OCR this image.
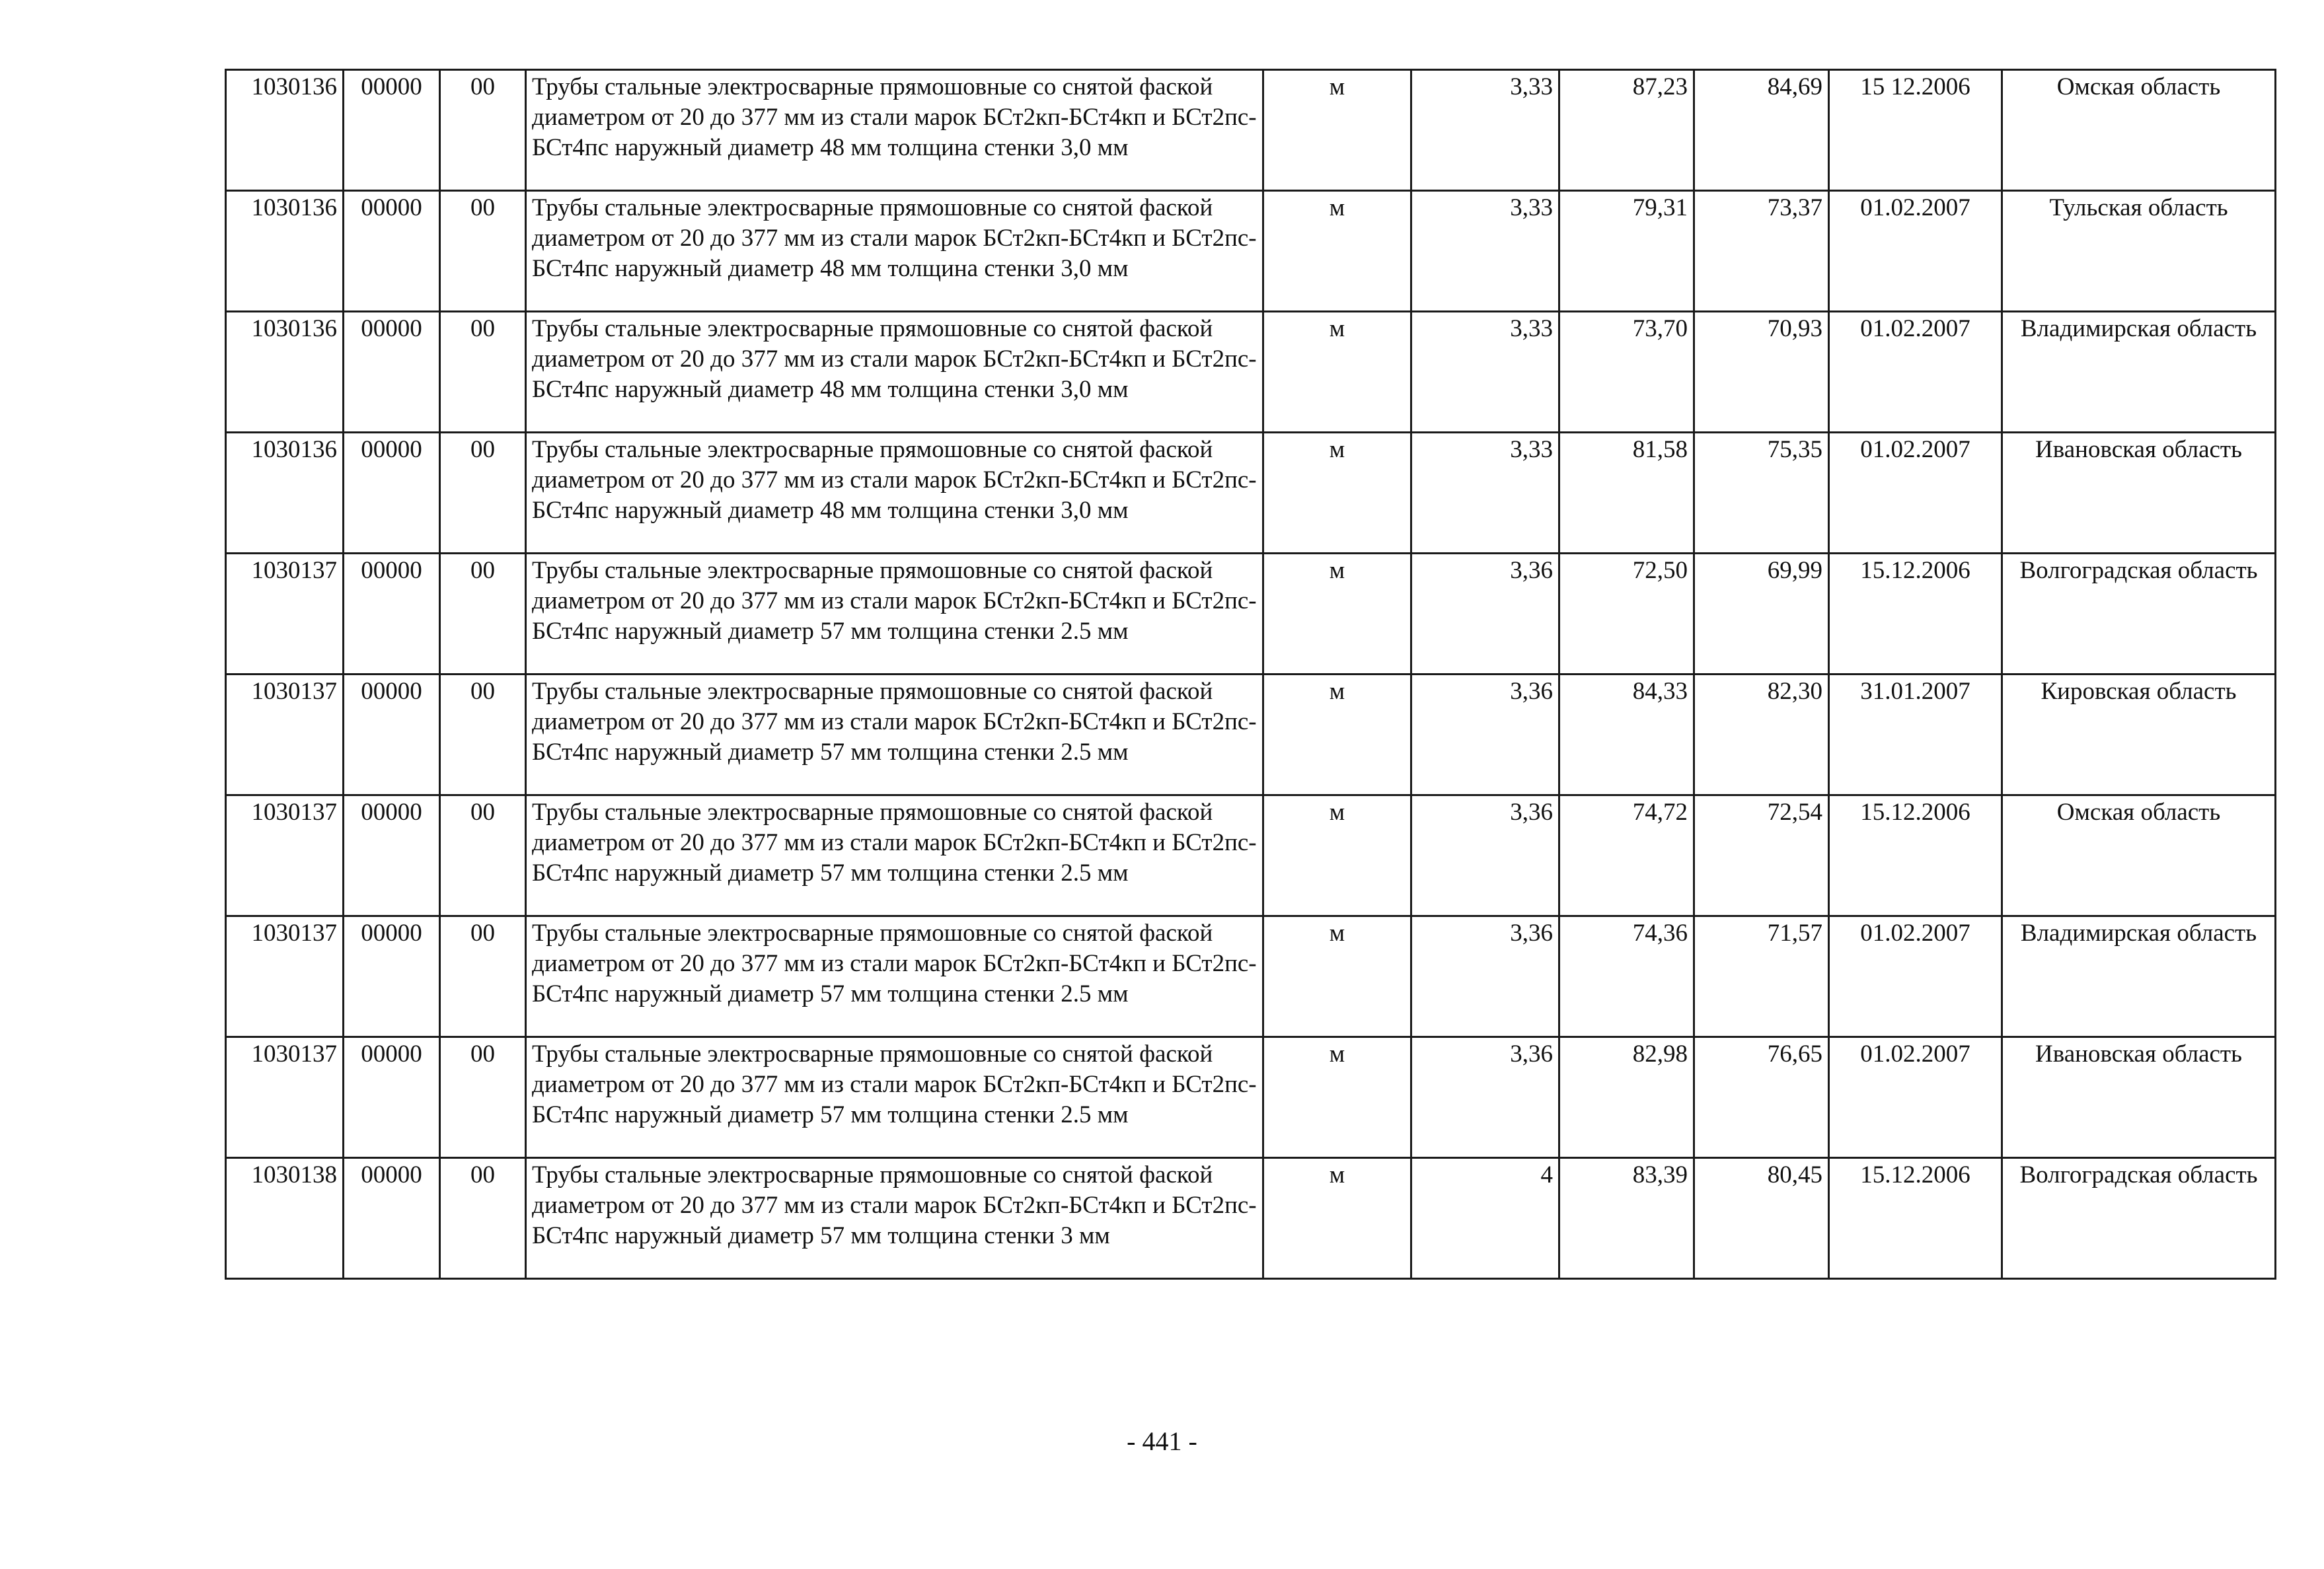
1030136	00000	00	Трубы стальные электросварные прямошовные со снятой фаской диаметром от 20 до 377 мм из стали марок БСт2кп-БСт4кп и БСт2пс-БСт4пс наружный диаметр 48 мм толщина стенки 3,0 мм	м	3,33	87,23	84,69	15 12.2006	Омская область
1030136	00000	00	Трубы стальные электросварные прямошовные со снятой фаской диаметром от 20 до 377 мм из стали марок БСт2кп-БСт4кп и БСт2пс-БСт4пс наружный диаметр 48 мм толщина стенки 3,0 мм	м	3,33	79,31	73,37	01.02.2007	Тульская область
1030136	00000	00	Трубы стальные электросварные прямошовные со снятой фаской диаметром от 20 до 377 мм из стали марок БСт2кп-БСт4кп и БСт2пс-БСт4пс наружный диаметр 48 мм толщина стенки 3,0 мм	м	3,33	73,70	70,93	01.02.2007	Владимирская область
1030136	00000	00	Трубы стальные электросварные прямошовные со снятой фаской диаметром от 20 до 377 мм из стали марок БСт2кп-БСт4кп и БСт2пс-БСт4пс наружный диаметр 48 мм толщина стенки 3,0 мм	м	3,33	81,58	75,35	01.02.2007	Ивановская область
1030137	00000	00	Трубы стальные электросварные прямошовные со снятой фаской диаметром от 20 до 377 мм из стали марок БСт2кп-БСт4кп и БСт2пс-БСт4пс наружный диаметр 57 мм толщина стенки 2.5 мм	м	3,36	72,50	69,99	15.12.2006	Волгоградская область
1030137	00000	00	Трубы стальные электросварные прямошовные со снятой фаской диаметром от 20 до 377 мм из стали марок БСт2кп-БСт4кп и БСт2пс-БСт4пс наружный диаметр 57 мм толщина стенки 2.5 мм	м	3,36	84,33	82,30	31.01.2007	Кировская область
1030137	00000	00	Трубы стальные электросварные прямошовные со снятой фаской диаметром от 20 до 377 мм из стали марок БСт2кп-БСт4кп и БСт2пс-БСт4пс наружный диаметр 57 мм толщина стенки 2.5 мм	м	3,36	74,72	72,54	15.12.2006	Омская область
1030137	00000	00	Трубы стальные электросварные прямошовные со снятой фаской диаметром от 20 до 377 мм из стали марок БСт2кп-БСт4кп и БСт2пс-БСт4пс наружный диаметр 57 мм толщина стенки 2.5 мм	м	3,36	74,36	71,57	01.02.2007	Владимирская область
1030137	00000	00	Трубы стальные электросварные прямошовные со снятой фаской диаметром от 20 до 377 мм из стали марок БСт2кп-БСт4кп и БСт2пс-БСт4пс наружный диаметр 57 мм толщина стенки 2.5 мм	м	3,36	82,98	76,65	01.02.2007	Ивановская область
1030138	00000	00	Трубы стальные электросварные прямошовные со снятой фаской диаметром от 20 до 377 мм из стали марок БСт2кп-БСт4кп и БСт2пс-БСт4пс наружный диаметр 57 мм толщина стенки 3 мм	м	4	83,39	80,45	15.12.2006	Волгоградская область
- 441 -
